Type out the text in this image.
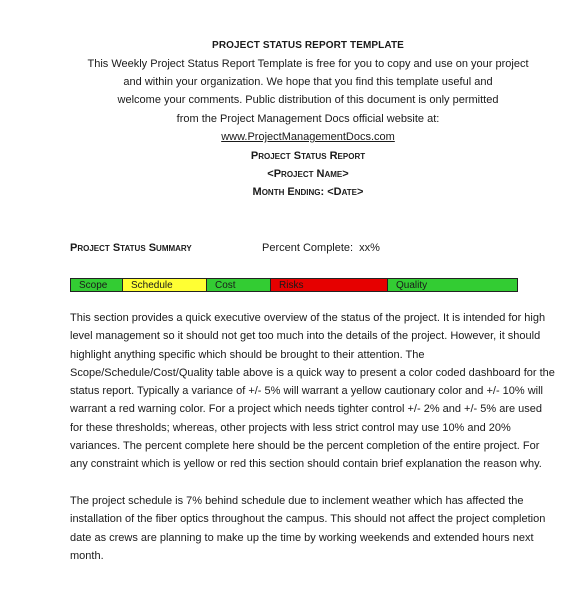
PROJECT STATUS REPORT TEMPLATE
This Weekly Project Status Report Template is free for you to copy and use on your project
and within your organization. We hope that you find this template useful and
welcome your comments. Public distribution of this document is only permitted
from the Project Management Docs official website at:
www.ProjectManagementDocs.com
Project Status Report
<Project Name>
Month Ending: <Date>
Project Status Summary	Percent Complete: xx%
Scope	Schedule	Cost	Risks	Quality
This section provides a quick executive overview of the status of the project. It is intended for high
level management so it should not get too much into the details of the project. However, it should
highlight anything specific which should be brought to their attention. The
Scope/Schedule/Cost/Quality table above is a quick way to present a color coded dashboard for the
status report. Typically a variance of +/- 5% will warrant a yellow cautionary color and +/- 10% will
warrant a red warning color. For a project which needs tighter control +/- 2% and +/- 5% are used
for these thresholds; whereas, other projects with less strict control may use 10% and 20%
variances. The percent complete here should be the percent completion of the entire project. For
any constraint which is yellow or red this section should contain brief explanation the reason why.
The project schedule is 7% behind schedule due to inclement weather which has affected the
installation of the fiber optics throughout the campus. This should not affect the project completion
date as crews are planning to make up the time by working weekends and extended hours next
month.
